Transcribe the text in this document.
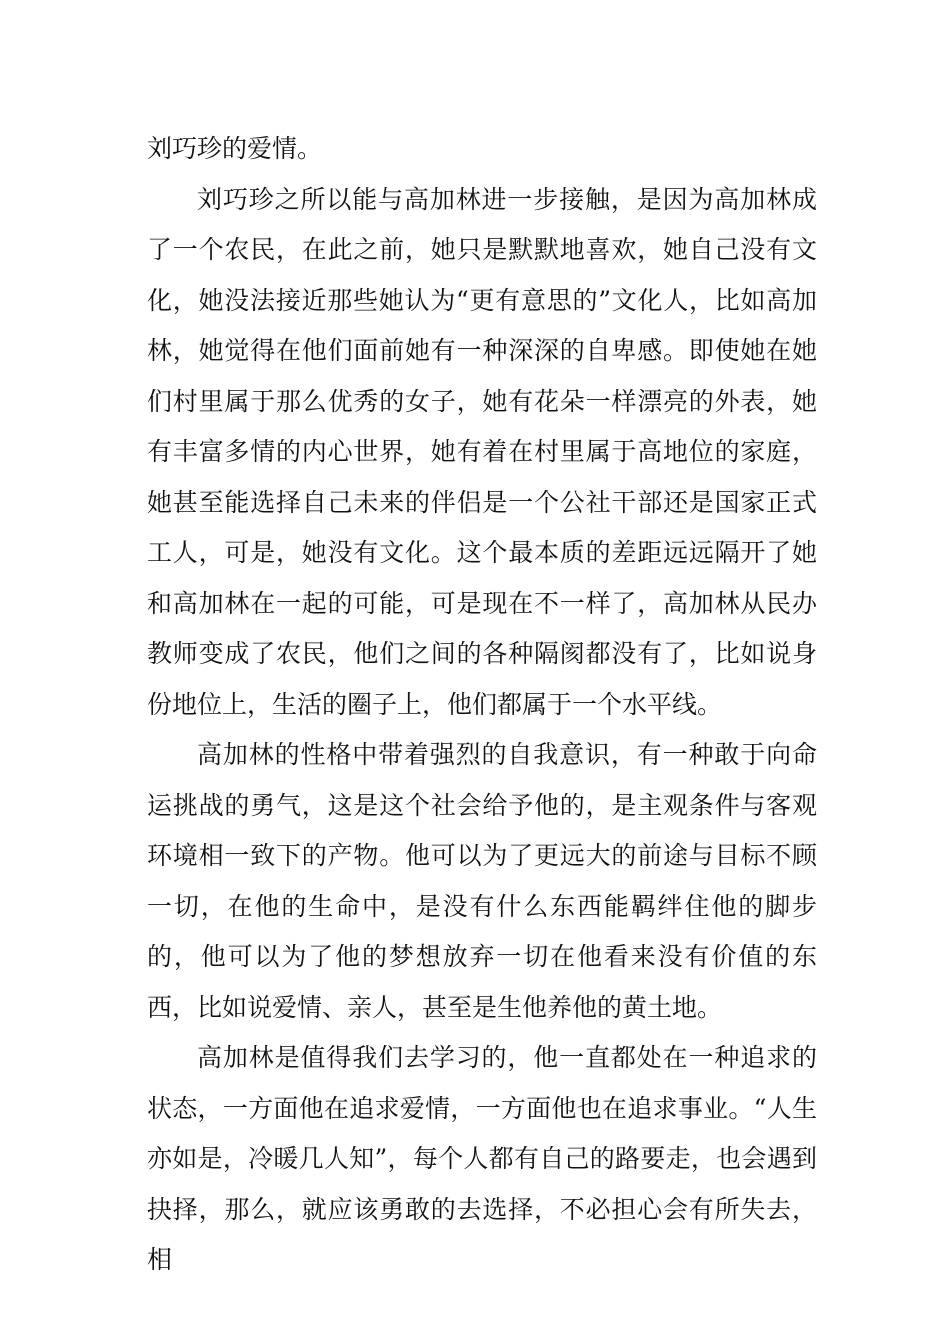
刘巧珍的爱情。

刘巧珍之所以能与高加林进一步接触，是因为高加林成了一个农民，在此之前，她只是默默地喜欢，她自己没有文化，她没法接近那些她认为“更有意思的”文化人，比如高加林，她觉得在他们面前她有一种深深的自卑感。即使她在她们村里属于那么优秀的女子，她有花朵一样漂亮的外表，她有丰富多情的内心世界，她有着在村里属于高地位的家庭，她甚至能选择自己未来的伴侣是一个公社干部还是国家正式工人，可是，她没有文化。这个最本质的差距远远隔开了她和高加林在一起的可能，可是现在不一样了，高加林从民办教师变成了农民，他们之间的各种隔阂都没有了，比如说身份地位上，生活的圈子上，他们都属于一个水平线。

高加林的性格中带着强烈的自我意识，有一种敢于向命运挑战的勇气，这是这个社会给予他的，是主观条件与客观环境相一致下的产物。他可以为了更远大的前途与目标不顾一切，在他的生命中，是没有什么东西能羁绊住他的脚步的，他可以为了他的梦想放弃一切在他看来没有价值的东西，比如说爱情、亲人，甚至是生他养他的黄土地。

高加林是值得我们去学习的，他一直都处在一种追求的状态，一方面他在追求爱情，一方面他也在追求事业。“人生亦如是，冷暖几人知”，每个人都有自己的路要走，也会遇到抉择，那么，就应该勇敢的去选择，不必担心会有所失去，相
